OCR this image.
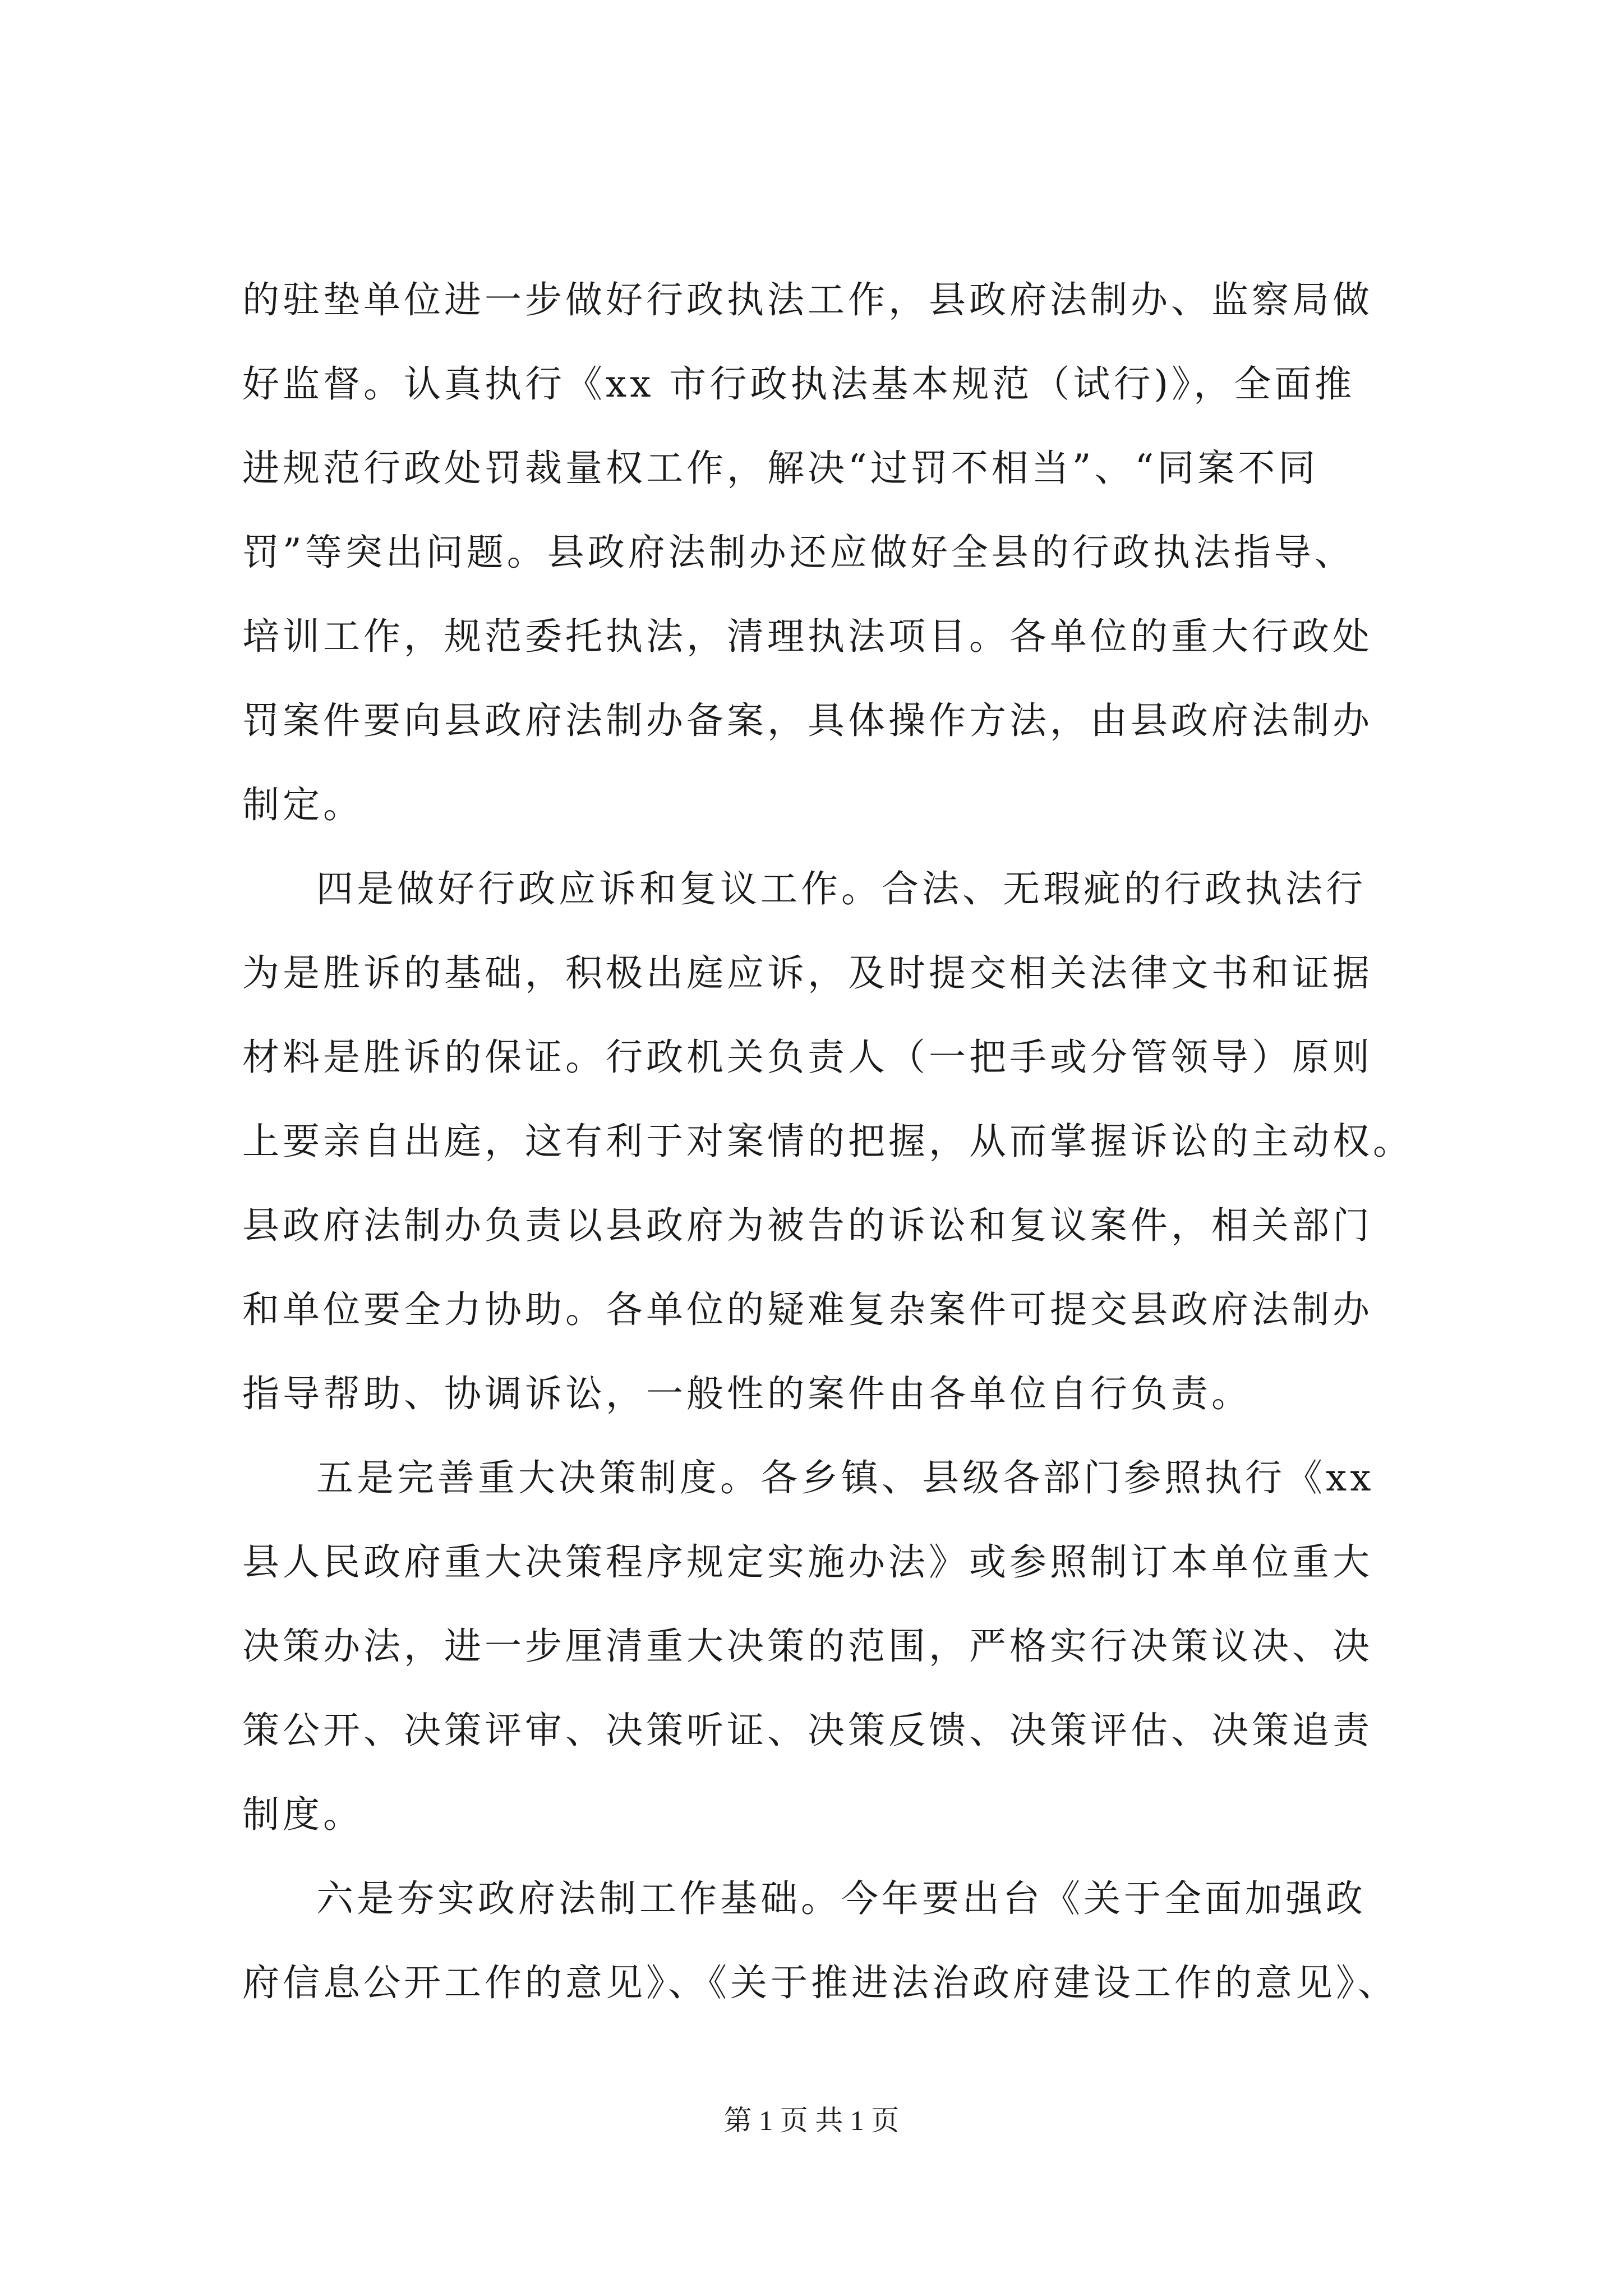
的驻垫单位进一步做好行政执法工作，县政府法制办、监察局做
好监督。认真执行《xx 市行政执法基本规范（试行)》，全面推
进规范行政处罚裁量权工作，解决“过罚不相当”、“同案不同
罚”等突出问题。县政府法制办还应做好全县的行政执法指导、
培训工作，规范委托执法，清理执法项目。各单位的重大行政处
罚案件要向县政府法制办备案，具体操作方法，由县政府法制办
制定。
四是做好行政应诉和复议工作。合法、无瑕疵的行政执法行
为是胜诉的基础，积极出庭应诉，及时提交相关法律文书和证据
材料是胜诉的保证。行政机关负责人（一把手或分管领导）原则
上要亲自出庭，这有利于对案情的把握，从而掌握诉讼的主动权。
县政府法制办负责以县政府为被告的诉讼和复议案件，相关部门
和单位要全力协助。各单位的疑难复杂案件可提交县政府法制办
指导帮助、协调诉讼，一般性的案件由各单位自行负责。
五是完善重大决策制度。各乡镇、县级各部门参照执行《xx
县人民政府重大决策程序规定实施办法》或参照制订本单位重大
决策办法，进一步厘清重大决策的范围，严格实行决策议决、决
策公开、决策评审、决策听证、决策反馈、决策评估、决策追责
制度。
六是夯实政府法制工作基础。今年要出台《关于全面加强政
府信息公开工作的意见》、《关于推进法治政府建设工作的意见》、
第 1 页 共 1 页
